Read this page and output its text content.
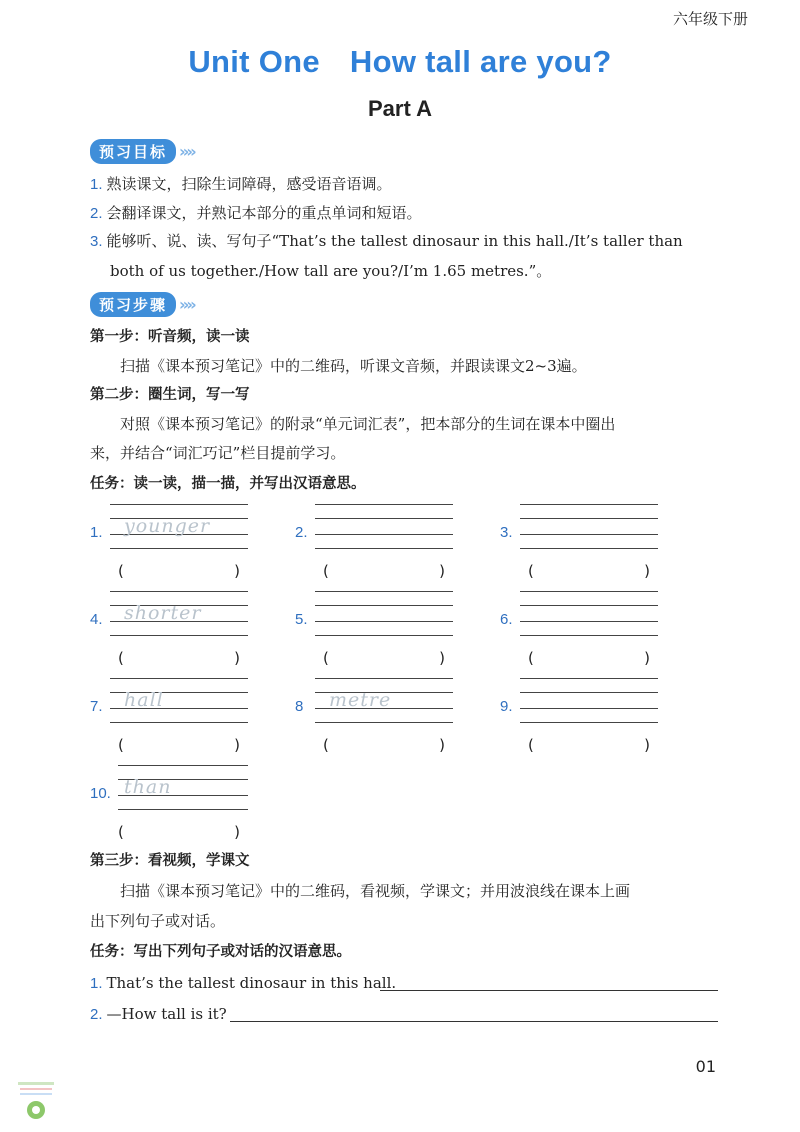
六年级下册
Unit One How tall are you?
Part A
预习目标 »»
1. 熟读课文，扫除生词障碍，感受语音语调。
2. 会翻译课文，并熟记本部分的重点单词和短语。
3. 能够听、说、读、写句子“That’s the tallest dinosaur in this hall./It’s taller than
both of us together./How tall are you?/I’m 1.65 metres.”。
预习步骤 »»
第一步：听音频，读一读
扫描《课本预习笔记》中的二维码，听课文音频，并跟读课文2~3遍。
第二步：圈生词，写一写
对照《课本预习笔记》的附录“单元词汇表”，把本部分的生词在课本中圈出
来，并结合“词汇巧记”栏目提前学习。
任务：读一读，描一描，并写出汉语意思。
1. younger
(	)
2.
(	)
3.
(	)
4. shorter
(	)
5.
(	)
6.
(	)
7. hall
(	)
8 metre
(	)
9.
(	)
10. than
(	)
第三步：看视频，学课文
扫描《课本预习笔记》中的二维码，看视频，学课文；并用波浪线在课本上画
出下列句子或对话。
任务：写出下列句子或对话的汉语意思。
1. That’s the tallest dinosaur in this hall.
2. —How tall is it?
01
